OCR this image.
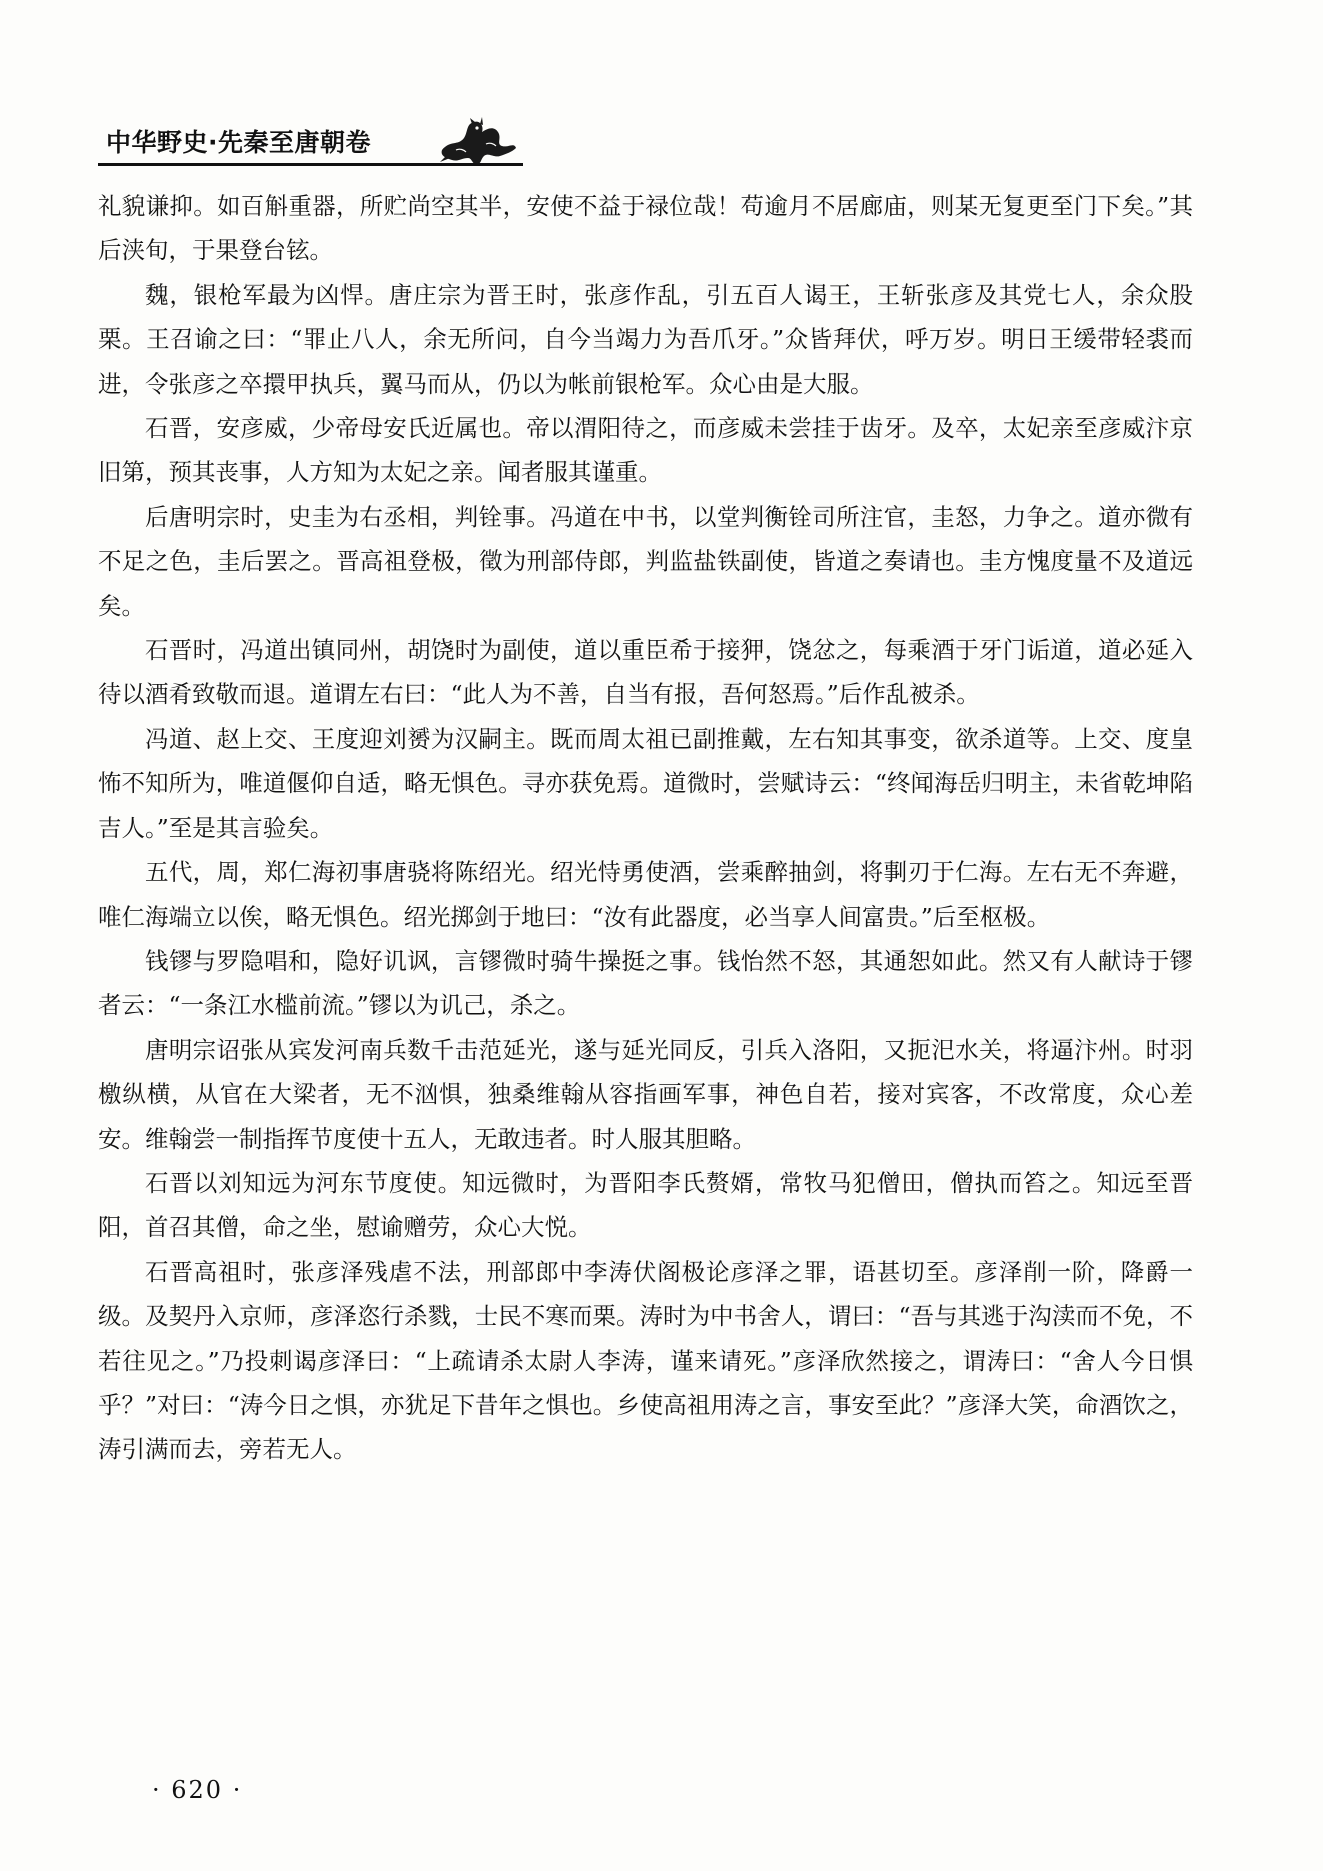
中华野史·先秦至唐朝卷

礼貌谦抑。如百斛重器，所贮尚空其半，安使不益于禄位哉！苟逾月不居廊庙，则某无复更至门下矣。”其后浃旬，于果登台铉。

魏，银枪军最为凶悍。唐庄宗为晋王时，张彦作乱，引五百人谒王，王斩张彦及其党七人，余众股栗。王召谕之曰：“罪止八人，余无所问，自今当竭力为吾爪牙。”众皆拜伏，呼万岁。明日王缓带轻裘而进，令张彦之卒擐甲执兵，翼马而从，仍以为帐前银枪军。众心由是大服。

石晋，安彦威，少帝母安氏近属也。帝以渭阳待之，而彦威未尝挂于齿牙。及卒，太妃亲至彦威汴京旧第，预其丧事，人方知为太妃之亲。闻者服其谨重。

后唐明宗时，史圭为右丞相，判铨事。冯道在中书，以堂判衡铨司所注官，圭怒，力争之。道亦微有不足之色，圭后罢之。晋高祖登极，徵为刑部侍郎，判监盐铁副使，皆道之奏请也。圭方愧度量不及道远矣。

石晋时，冯道出镇同州，胡饶时为副使，道以重臣希于接狎，饶忿之，每乘酒于牙门诟道，道必延入待以酒肴致敬而退。道谓左右曰：“此人为不善，自当有报，吾何怒焉。”后作乱被杀。

冯道、赵上交、王度迎刘赟为汉嗣主。既而周太祖已副推戴，左右知其事变，欲杀道等。上交、度皇怖不知所为，唯道偃仰自适，略无惧色。寻亦获免焉。道微时，尝赋诗云：“终闻海岳归明主，未省乾坤陷吉人。”至是其言验矣。

五代，周，郑仁海初事唐骁将陈绍光。绍光恃勇使酒，尝乘醉抽剑，将剚刃于仁海。左右无不奔避，唯仁海端立以俟，略无惧色。绍光掷剑于地曰：“汝有此器度，必当享人间富贵。”后至枢极。

钱镠与罗隐唱和，隐好讥讽，言镠微时骑牛操挺之事。钱怡然不怒，其通恕如此。然又有人献诗于镠者云：“一条江水槛前流。”镠以为讥己，杀之。

唐明宗诏张从宾发河南兵数千击范延光，遂与延光同反，引兵入洛阳，又扼汜水关，将逼汴州。时羽檄纵横，从官在大梁者，无不汹惧，独桑维翰从容指画军事，神色自若，接对宾客，不改常度，众心差安。维翰尝一制指挥节度使十五人，无敢违者。时人服其胆略。

石晋以刘知远为河东节度使。知远微时，为晋阳李氏赘婿，常牧马犯僧田，僧执而笞之。知远至晋阳，首召其僧，命之坐，慰谕赠劳，众心大悦。

石晋高祖时，张彦泽残虐不法，刑部郎中李涛伏阁极论彦泽之罪，语甚切至。彦泽削一阶，降爵一级。及契丹入京师，彦泽恣行杀戮，士民不寒而栗。涛时为中书舍人，谓曰：“吾与其逃于沟渎而不免，不若往见之。”乃投刺谒彦泽曰：“上疏请杀太尉人李涛，谨来请死。”彦泽欣然接之，谓涛曰：“舍人今日惧乎？”对曰：“涛今日之惧，亦犹足下昔年之惧也。乡使高祖用涛之言，事安至此？”彦泽大笑，命酒饮之，涛引满而去，旁若无人。

· 620 ·
